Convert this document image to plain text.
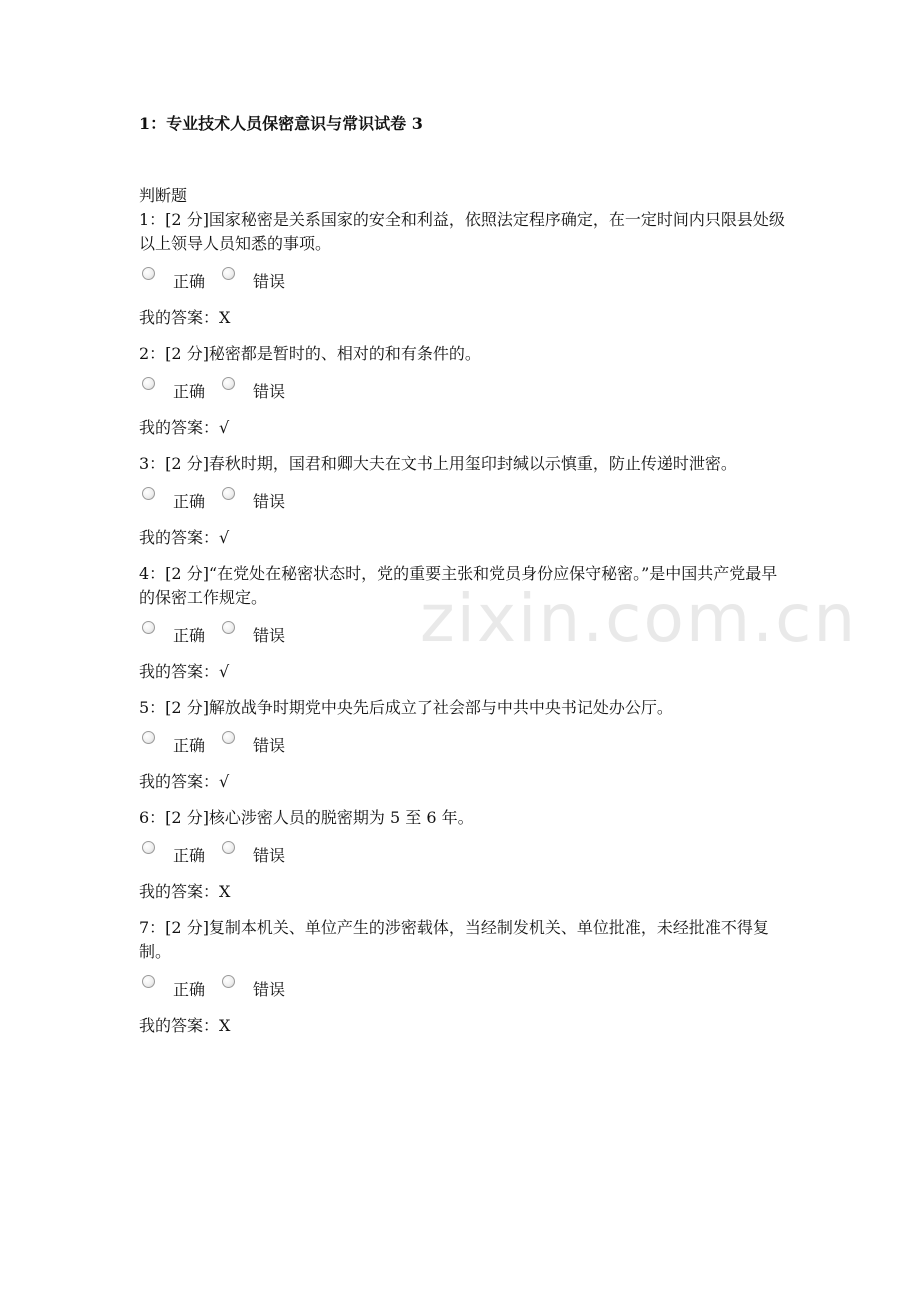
zixin.com.cn
1：专业技术人员保密意识与常识试卷 3
判断题
1：[2 分]国家秘密是关系国家的安全和利益，依照法定程序确定，在一定时间内只限县处级以上领导人员知悉的事项。
正确	错误
我的答案：X
2：[2 分]秘密都是暂时的、相对的和有条件的。
正确	错误
我的答案：√
3：[2 分]春秋时期，国君和卿大夫在文书上用玺印封缄以示慎重，防止传递时泄密。
正确	错误
我的答案：√
4：[2 分]“在党处在秘密状态时，党的重要主张和党员身份应保守秘密。”是中国共产党最早的保密工作规定。
正确	错误
我的答案：√
5：[2 分]解放战争时期党中央先后成立了社会部与中共中央书记处办公厅。
正确	错误
我的答案：√
6：[2 分]核心涉密人员的脱密期为 5 至 6 年。
正确	错误
我的答案：X
7：[2 分]复制本机关、单位产生的涉密载体，当经制发机关、单位批准，未经批准不得复制。
正确	错误
我的答案：X
